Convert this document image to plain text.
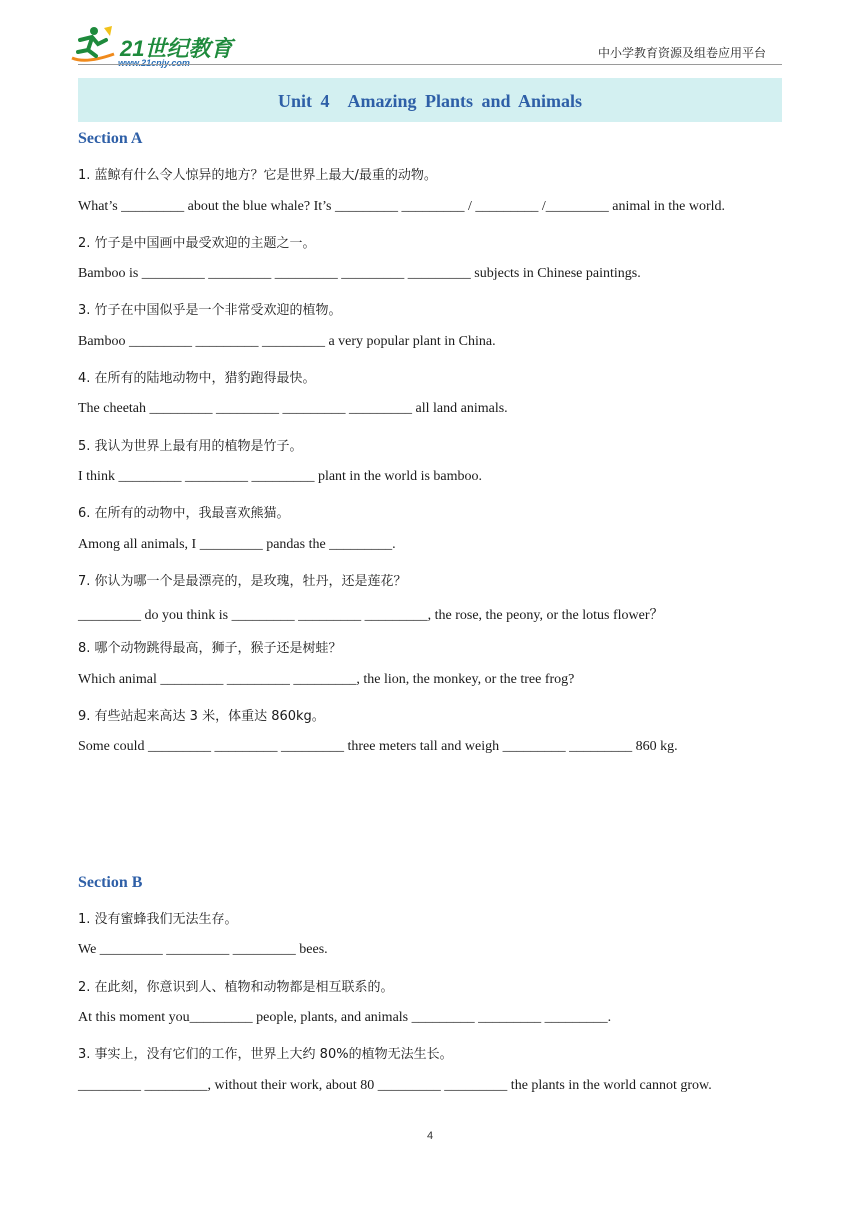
21世纪教育
www.21cnjy.com
中小学教育资源及组卷应用平台
Unit 4　Amazing Plants and Animals
Section A
1. 蓝鲸有什么令人惊异的地方？它是世界上最大/最重的动物。
What’s _________ about the blue whale? It’s _________ _________ / _________ /_________ animal in the world.
2. 竹子是中国画中最受欢迎的主题之一。
Bamboo is _________ _________ _________ _________ _________ subjects in Chinese paintings.
3. 竹子在中国似乎是一个非常受欢迎的植物。
Bamboo _________ _________ _________ a very popular plant in China.
4. 在所有的陆地动物中，猎豹跑得最快。
The cheetah _________ _________ _________ _________ all land animals.
5. 我认为世界上最有用的植物是竹子。
I think _________ _________ _________ plant in the world is bamboo.
6. 在所有的动物中，我最喜欢熊猫。
Among all animals, I _________ pandas the _________.
7. 你认为哪一个是最漂亮的，是玫瑰，牡丹，还是莲花？
_________ do you think is _________ _________ _________, the rose, the peony, or the lotus flower？
8. 哪个动物跳得最高，狮子，猴子还是树蛙？
Which animal _________ _________ _________, the lion, the monkey, or the tree frog?
9. 有些站起来高达 3 米，体重达 860kg。
Some could _________ _________ _________ three meters tall and weigh _________ _________ 860 kg.
Section B
1. 没有蜜蜂我们无法生存。
We _________ _________ _________ bees.
2. 在此刻，你意识到人、植物和动物都是相互联系的。
At this moment you_________ people, plants, and animals _________ _________ _________.
3. 事实上，没有它们的工作，世界上大约 80%的植物无法生长。
_________ _________, without their work, about 80 _________ _________ the plants in the world cannot grow.
4
